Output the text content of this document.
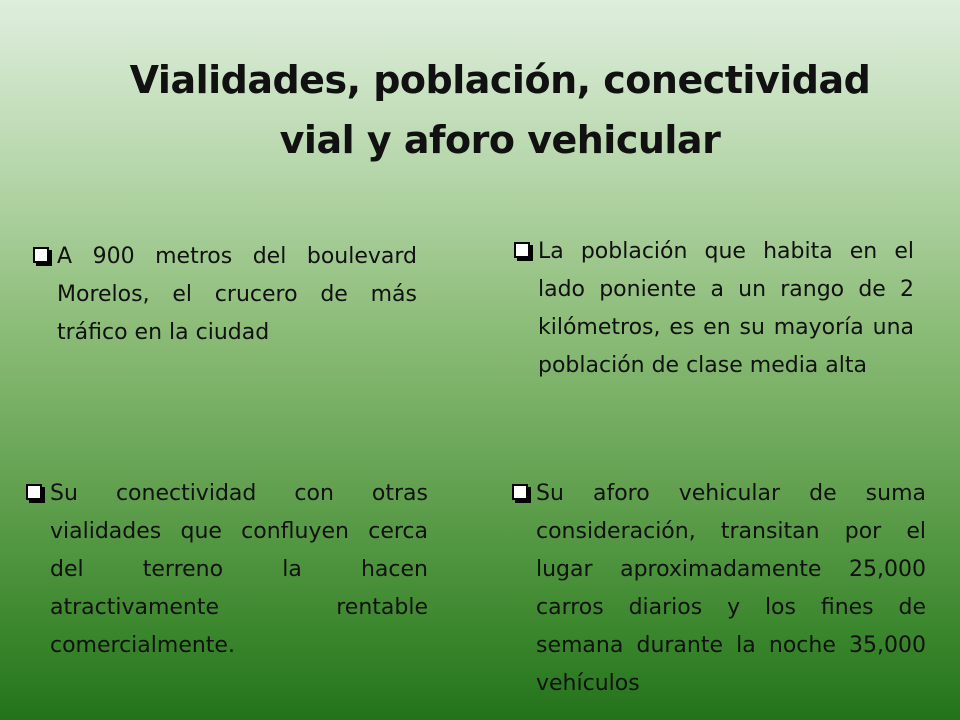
Vialidades, población, conectividad
vial y aforo vehicular
A 900 metros del boulevard Morelos, el crucero de más tráfico en la ciudad
La población que habita en el lado poniente a un rango de 2 kilómetros, es en su mayoría una población de clase media alta
Su conectividad con otras vialidades que confluyen cerca del terreno la hacen atractivamente rentable comercialmente.
Su aforo vehicular de suma consideración, transitan por el lugar aproximadamente 25,000 carros diarios y los fines de semana durante la noche 35,000 vehículos
